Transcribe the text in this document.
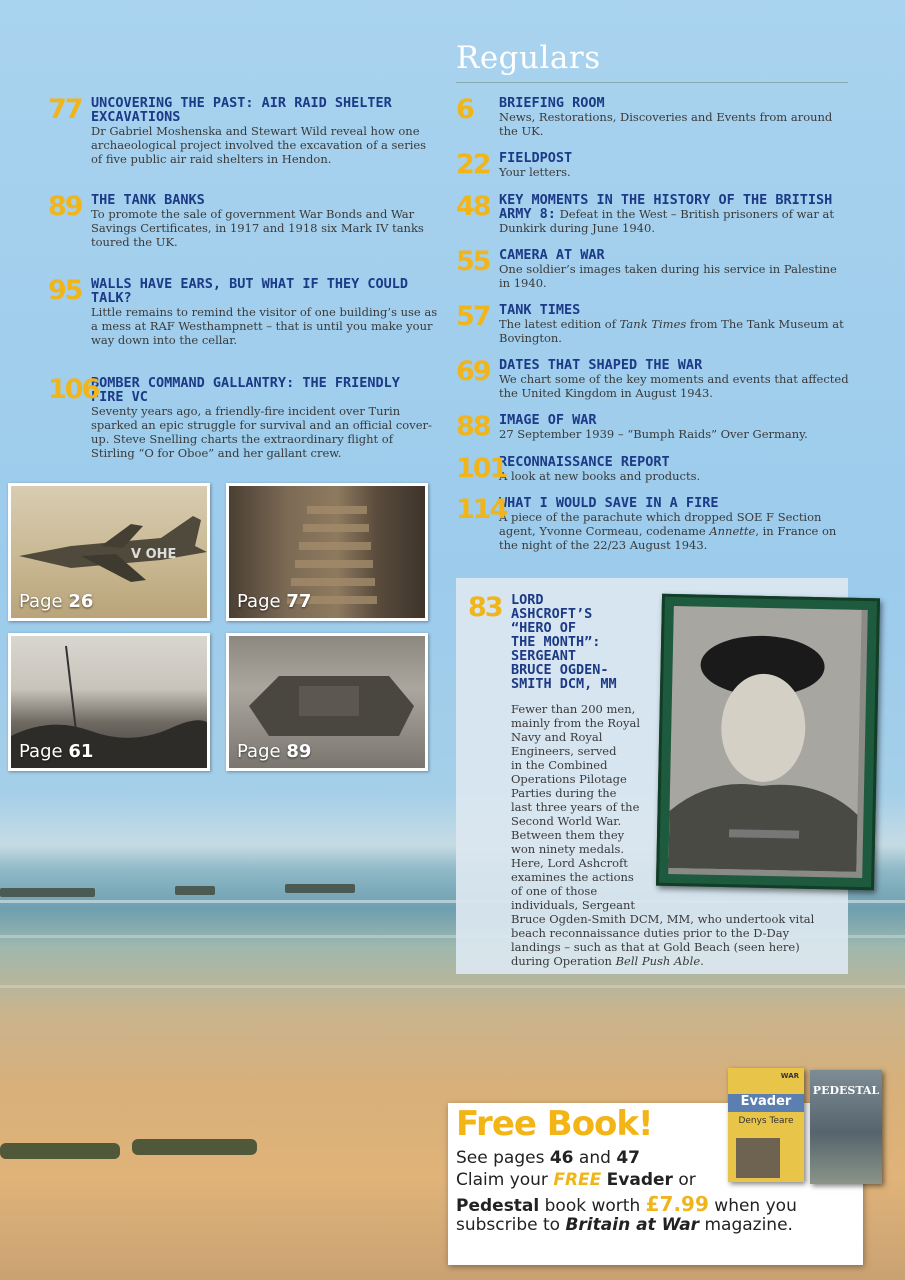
77 UNCOVERING THE PAST: AIR RAID SHELTER EXCAVATIONS
Dr Gabriel Moshenska and Stewart Wild reveal how one archaeological project involved the excavation of a series of five public air raid shelters in Hendon.
89 THE TANK BANKS
To promote the sale of government War Bonds and War Savings Certificates, in 1917 and 1918 six Mark IV tanks toured the UK.
95 WALLS HAVE EARS, BUT WHAT IF THEY COULD TALK?
Little remains to remind the visitor of one building’s use as a mess at RAF Westhampnett – that is until you make your way down into the cellar.
106
BOMBER COMMAND GALLANTRY: THE FRIENDLY FIRE VC
Seventy years ago, a friendly-fire incident over Turin sparked an epic struggle for survival and an official cover-up. Steve Snelling charts the extraordinary flight of Stirling “O for Oboe” and her gallant crew.
Regulars
6 BRIEFING ROOM
News, Restorations, Discoveries and Events from around the UK.
22 FIELDPOST
Your letters.
48 KEY MOMENTS IN THE HISTORY OF THE BRITISH ARMY 8: Defeat in the West – British prisoners of war at Dunkirk during June 1940.
55 CAMERA AT WAR
One soldier’s images taken during his service in Palestine in 1940.
57 TANK TIMES
The latest edition of Tank Times from The Tank Museum at Bovington.
69 DATES THAT SHAPED THE WAR
We chart some of the key moments and events that affected the United Kingdom in August 1943.
88 IMAGE OF WAR
27 September 1939 – “Bumph Raids” Over Germany.
101
RECONNAISSANCE REPORT
A look at new books and products.
114
WHAT I WOULD SAVE IN A FIRE
A piece of the parachute which dropped SOE F Section agent, Yvonne Cormeau, codename Annette, in France on the night of the 22/23 August 1943.
V OHE
Page 26	Page 77
Page 61	Page 89
83 LORD
ASHCROFT’S
“HERO OF
THE MONTH”:
SERGEANT
BRUCE OGDEN-
SMITH DCM, MM
Fewer than 200 men,
mainly from the Royal
Navy and Royal
Engineers, served
in the Combined
Operations Pilotage
Parties during the
last three years of the
Second World War.
Between them they
won ninety medals.
Here, Lord Ashcroft
examines the actions
of one of those
individuals, Sergeant
Bruce Ogden-Smith DCM, MM, who undertook vital
beach reconnaissance duties prior to the D-Day
landings – such as that at Gold Beach (seen here)
during Operation Bell Push Able.
Free Book!
See pages 46 and 47
Claim your FREE Evader or
Pedestal book worth £7.99 when you
subscribe to Britain at War magazine.
WAR
Evader
Denys Teare
PEDESTAL
